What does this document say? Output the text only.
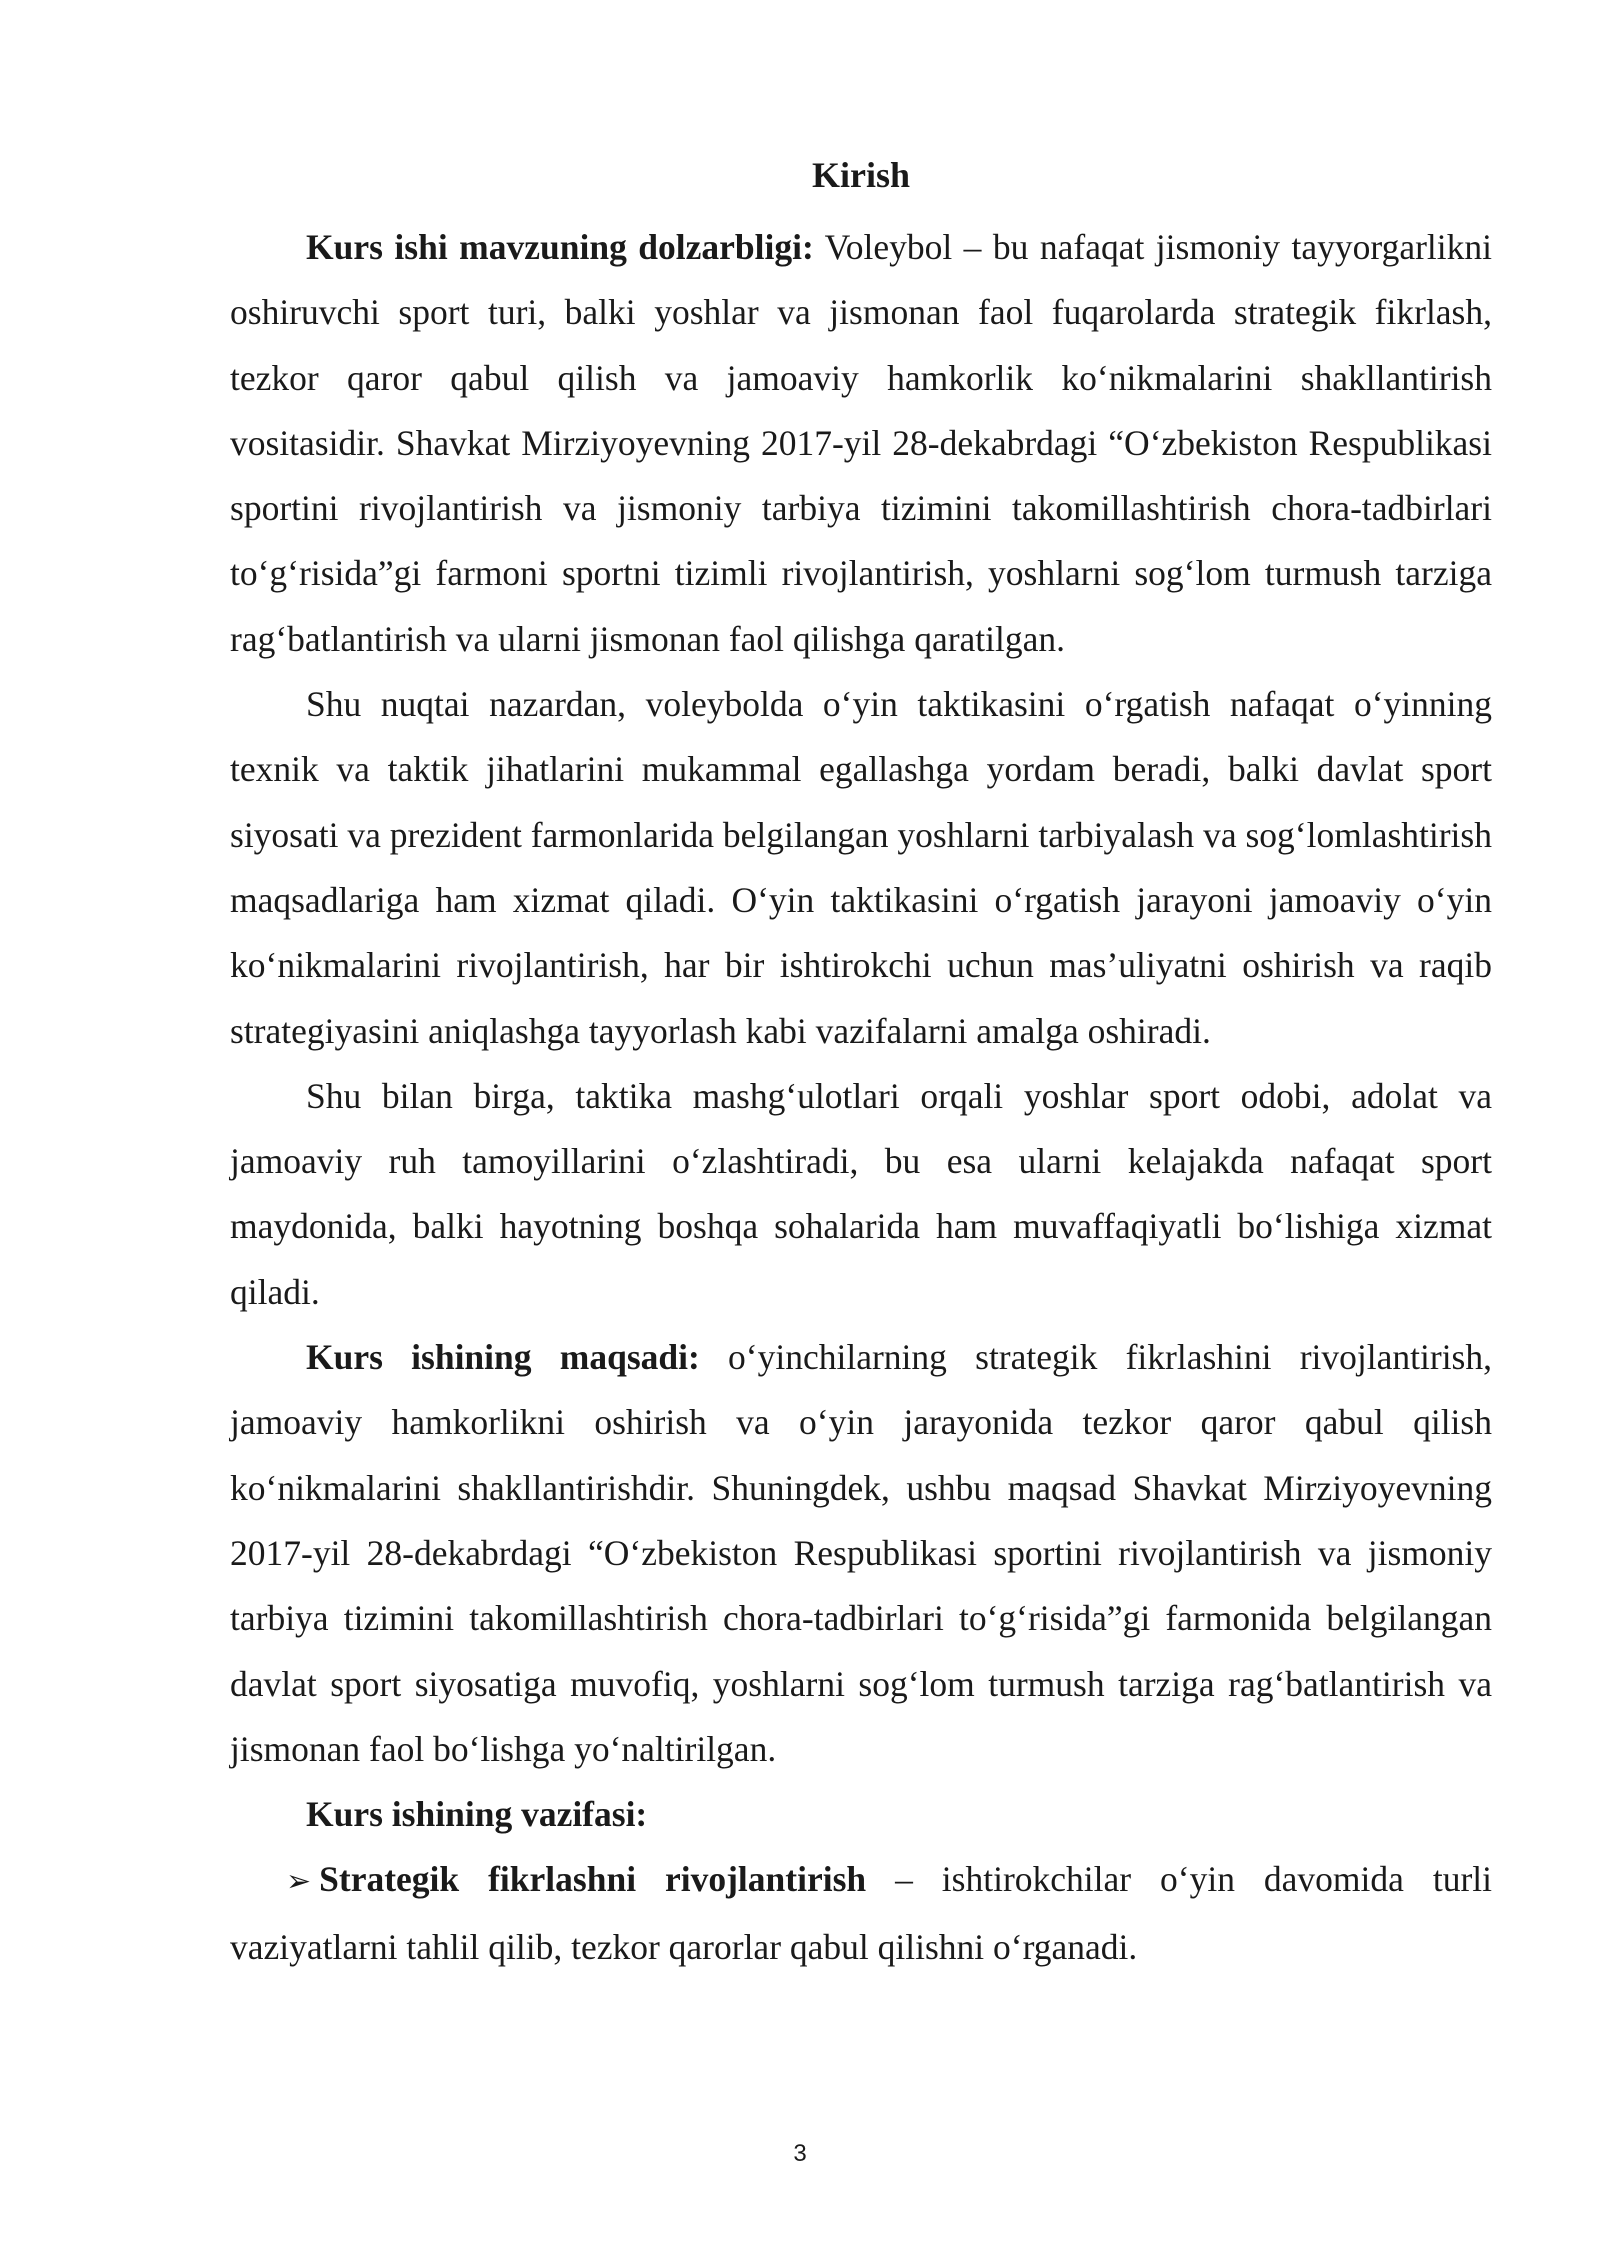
Kirish

Kurs ishi mavzuning dolzarbligi: Voleybol – bu nafaqat jismoniy tayyorgarlikni oshiruvchi sport turi, balki yoshlar va jismonan faol fuqarolarda strategik fikrlash, tezkor qaror qabul qilish va jamoaviy hamkorlik ko‘nikmalarini shakllantirish vositasidir. Shavkat Mirziyoyevning 2017-yil 28-dekabrdagi “O‘zbekiston Respublikasi sportini rivojlantirish va jismoniy tarbiya tizimini takomillashtirish chora-tadbirlari to‘g‘risida”gi farmoni sportni tizimli rivojlantirish, yoshlarni sog‘lom turmush tarziga rag‘batlantirish va ularni jismonan faol qilishga qaratilgan.

Shu nuqtai nazardan, voleybolda o‘yin taktikasini o‘rgatish nafaqat o‘yinning texnik va taktik jihatlarini mukammal egallashga yordam beradi, balki davlat sport siyosati va prezident farmonlarida belgilangan yoshlarni tarbiyalash va sog‘lomlashtirish maqsadlariga ham xizmat qiladi. O‘yin taktikasini o‘rgatish jarayoni jamoaviy o‘yin ko‘nikmalarini rivojlantirish, har bir ishtirokchi uchun mas’uliyatni oshirish va raqib strategiyasini aniqlashga tayyorlash kabi vazifalarni amalga oshiradi.

Shu bilan birga, taktika mashg‘ulotlari orqali yoshlar sport odobi, adolat va jamoaviy ruh tamoyillarini o‘zlashtiradi, bu esa ularni kelajakda nafaqat sport maydonida, balki hayotning boshqa sohalarida ham muvaffaqiyatli bo‘lishiga xizmat qiladi.

Kurs ishining maqsadi: o‘yinchilarning strategik fikrlashini rivojlantirish, jamoaviy hamkorlikni oshirish va o‘yin jarayonida tezkor qaror qabul qilish ko‘nikmalarini shakllantirishdir. Shuningdek, ushbu maqsad Shavkat Mirziyoyevning 2017-yil 28-dekabrdagi “O‘zbekiston Respublikasi sportini rivojlantirish va jismoniy tarbiya tizimini takomillashtirish chora-tadbirlari to‘g‘risida”gi farmonida belgilangan davlat sport siyosatiga muvofiq, yoshlarni sog‘lom turmush tarziga rag‘batlantirish va jismonan faol bo‘lishga yo‘naltirilgan.

Kurs ishining vazifasi:

➢ Strategik fikrlashni rivojlantirish – ishtirokchilar o‘yin davomida turli vaziyatlarni tahlil qilib, tezkor qarorlar qabul qilishni o‘rganadi.

3
